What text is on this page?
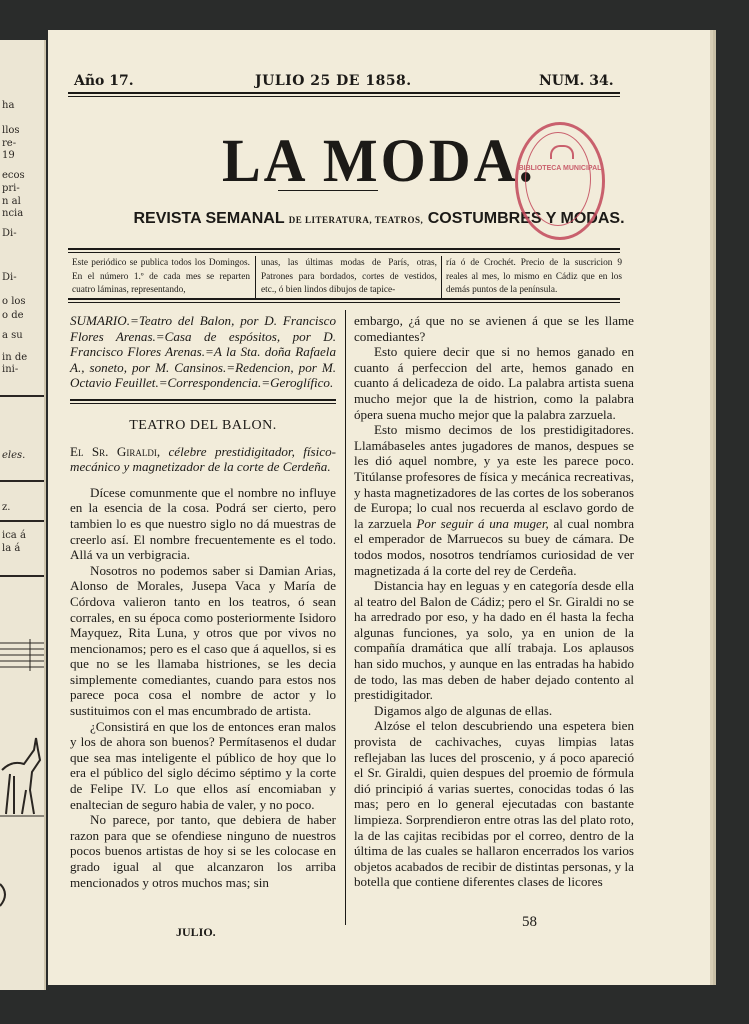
ha
llos
re-
19
ecos
pri-
n al
ncia
Di-
Di-
o los
o de
a su
in de
ini-
eles.
z.
ica á
la á
Año 17.	JULIO 25 DE 1858.	NUM. 34.
LA MODA.
REVISTA SEMANAL DE LITERATURA, TEATROS, COSTUMBRES Y MODAS.
BIBLIOTECA MUNICIPAL
Este periódico se publica todos los Domingos. En el número 1.º de cada mes se reparten cuatro láminas, representando,
unas, las últimas modas de París, otras, Patrones para bordados, cortes de vestidos, etc., ó bien lindos dibujos de tapice-
ría ó de Crochét. Precio de la suscricion 9 reales al mes, lo mismo en Cádiz que en los demás puntos de la península.

SUMARIO.=Teatro del Balon, por D. Francisco Flores Arenas.=Casa de espósitos, por D. Francisco Flores Arenas.=A la Sta. doña Rafaela A., soneto, por M. Cansinos.=Redencion, por M. Octavio Feuillet.=Correspondencia.=Geroglífico.

TEATRO DEL BALON.

El Sr. Giraldi, célebre prestidigitador, físico-mecánico y magnetizador de la corte de Cerdeña.

Dícese comunmente que el nombre no influye en la esencia de la cosa. Podrá ser cierto, pero tambien lo es que nuestro siglo no dá muestras de creerlo así. El nombre frecuentemente es el todo. Allá va un verbigracia.

Nosotros no podemos saber si Damian Arias, Alonso de Morales, Jusepa Vaca y María de Córdova valieron tanto en los teatros, ó sean corrales, en su época como posteriormente Isidoro Mayquez, Rita Luna, y otros que por vivos no mencionamos; pero es el caso que á aquellos, si es que no se les llamaba histriones, se les decia simplemente comediantes, cuando para estos nos parece poca cosa el nombre de actor y lo sustituimos con el mas encumbrado de artista.

¿Consistirá en que los de entonces eran malos y los de ahora son buenos? Permítasenos el dudar que sea mas inteligente el público de hoy que lo era el público del siglo décimo séptimo y la corte de Felipe IV. Lo que ellos así encomiaban y enaltecian de seguro habia de valer, y no poco.

No parece, por tanto, que debiera de haber razon para que se ofendiese ninguno de nuestros pocos buenos artistas de hoy si se les colocase en grado igual al que alcanzaron los arriba mencionados y otros muchos mas; sin

embargo, ¿á que no se avienen á que se les llame comediantes?

Esto quiere decir que si no hemos ganado en cuanto á perfeccion del arte, hemos ganado en cuanto á delicadeza de oido. La palabra artista suena mucho mejor que la de histrion, como la palabra ópera suena mucho mejor que la palabra zarzuela.

Esto mismo decimos de los prestidigitadores. Llamábaseles antes jugadores de manos, despues se les dió aquel nombre, y ya este les parece poco. Titúlanse profesores de física y mecánica recreativas, y hasta magnetizadores de las cortes de los soberanos de Europa; lo cual nos recuerda al esclavo gordo de la zarzuela Por seguir á una muger, al cual nombra el emperador de Marruecos su buey de cámara. De todos modos, nosotros tendríamos curiosidad de ver magnetizada á la corte del rey de Cerdeña.

Distancia hay en leguas y en categoría desde ella al teatro del Balon de Cádiz; pero el Sr. Giraldi no se ha arredrado por eso, y ha dado en él hasta la fecha algunas funciones, ya solo, ya en union de la compañía dramática que allí trabaja. Los aplausos han sido muchos, y aunque en las entradas ha habido de todo, las mas deben de haber dejado contento al prestidigitador.

Digamos algo de algunas de ellas.

Alzóse el telon descubriendo una espetera bien provista de cachivaches, cuyas limpias latas reflejaban las luces del proscenio, y á poco apareció el Sr. Giraldi, quien despues del proemio de fórmula dió principió á varias suertes, conocidas todas ó las mas; pero en lo general ejecutadas con bastante limpieza. Sorprendieron entre otras las del plato roto, la de las cajitas recibidas por el correo, dentro de la última de las cuales se hallaron encerrados los varios objetos acabados de recibir de distintas personas, y la botella que contiene diferentes clases de licores

JULIO.
58
